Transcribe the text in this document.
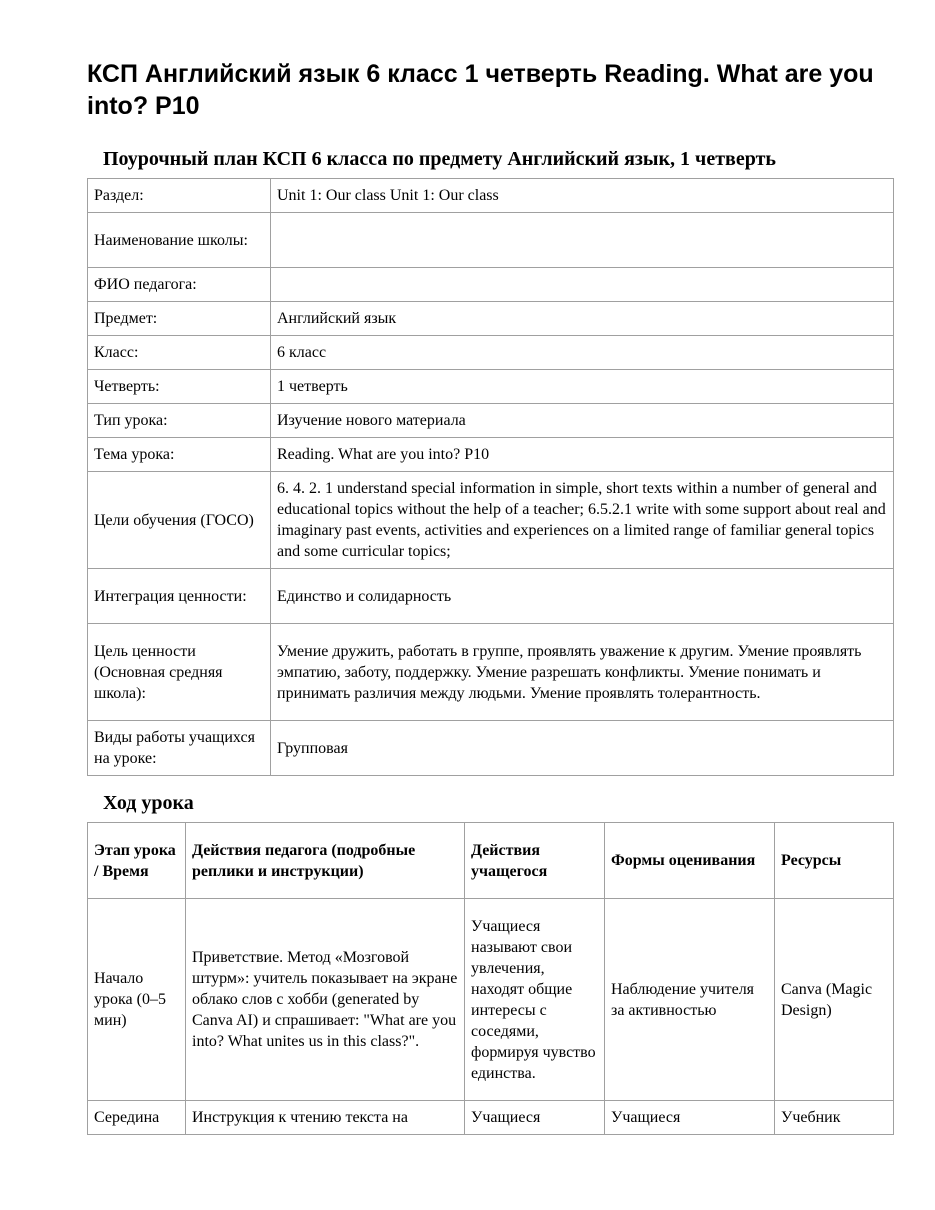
КСП Английский язык 6 класс 1 четверть Reading. What are you into? P10
Поурочный план КСП 6 класса по предмету Английский язык, 1 четверть
Раздел:	Unit 1: Our class Unit 1: Our class
Наименование школы:	
ФИО педагога:	
Предмет:	Английский язык
Класс:	6 класс
Четверть:	1 четверть
Тип урока:	Изучение нового материала
Тема урока:	Reading. What are you into? P10
Цели обучения (ГОСО)	6. 4. 2. 1 understand special information in simple, short texts within a number of general and educational topics without the help of a teacher; 6.5.2.1 write with some support about real and imaginary past events, activities and experiences on a limited range of familiar general topics and some curricular topics;
Интеграция ценности:	Единство и солидарность
Цель ценности (Основная средняя школа):	Умение дружить, работать в группе, проявлять уважение к другим. Умение проявлять эмпатию, заботу, поддержку. Умение разрешать конфликты. Умение понимать и принимать различия между людьми. Умение проявлять толерантность.
Виды работы учащихся на уроке:	Групповая
Ход урока
Этап урока / Время	Действия педагога (подробные реплики и инструкции)	Действия учащегося	Формы оценивания	Ресурсы
Начало урока (0–5 мин)	Приветствие. Метод «Мозговой штурм»: учитель показывает на экране облако слов с хобби (generated by Canva AI) и спрашивает: "What are you into? What unites us in this class?".	Учащиеся называют свои увлечения, находят общие интересы с соседями, формируя чувство единства.	Наблюдение учителя за активностью	Canva (Magic Design)
Середина	Инструкция к чтению текста на	Учащиеся	Учащиеся	Учебник
